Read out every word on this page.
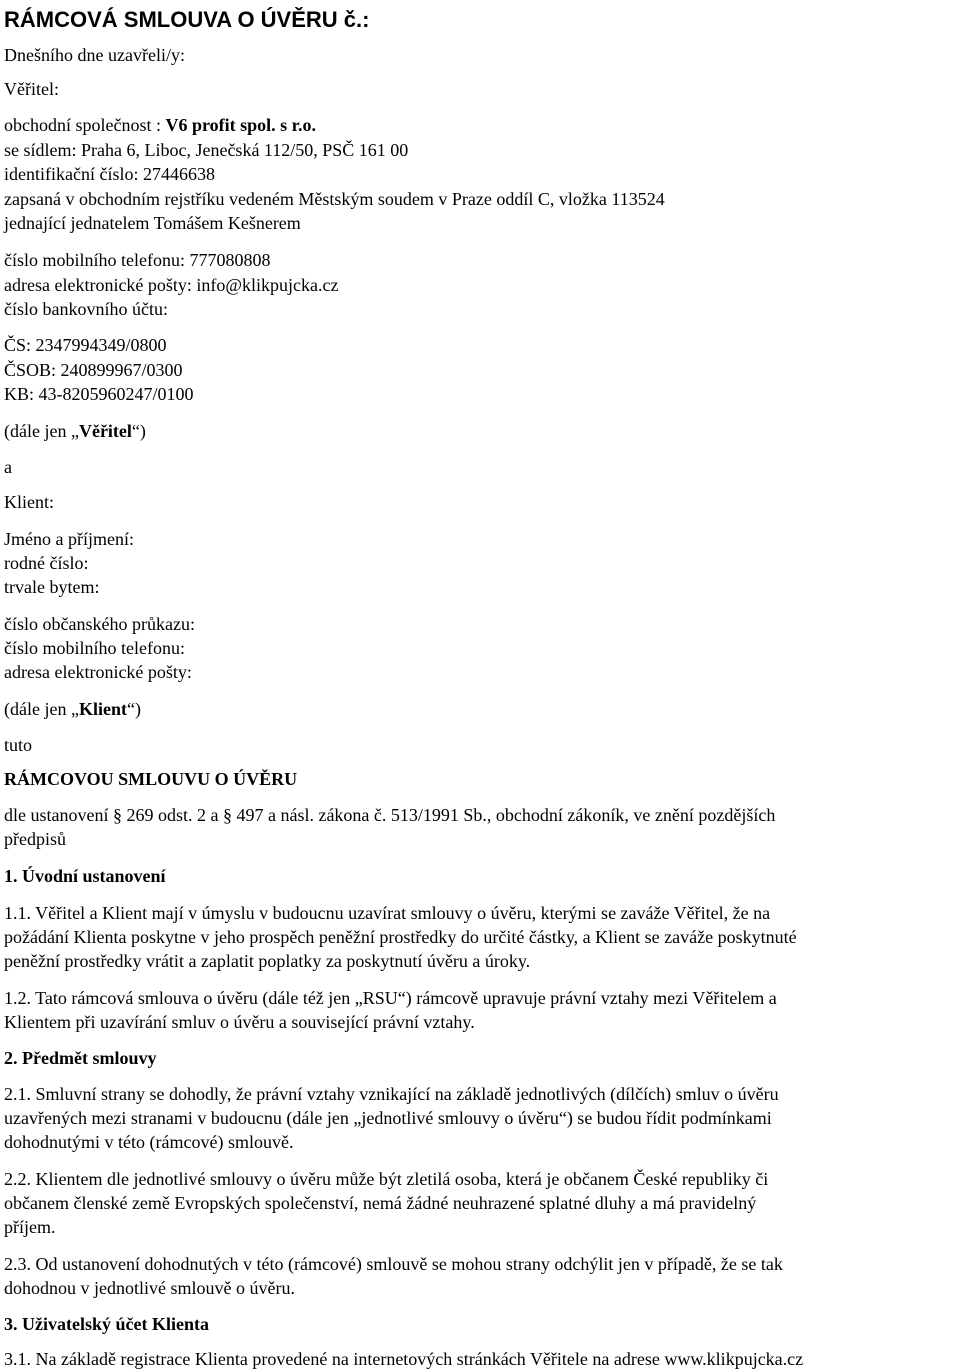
RÁMCOVÁ SMLOUVA O ÚVĚRU č.:
Dnešního dne uzavřeli/y:
Věřitel:
obchodní společnost : V6 profit spol. s r.o.
se sídlem: Praha 6, Liboc, Jenečská 112/50, PSČ 161 00
identifikační číslo: 27446638
zapsaná v obchodním rejstříku vedeném Městským soudem v Praze oddíl C, vložka 113524
jednající jednatelem Tomášem Kešnerem
číslo mobilního telefonu: 777080808
adresa elektronické pošty: info@klikpujcka.cz
číslo bankovního účtu:
ČS: 2347994349/0800
ČSOB: 240899967/0300
KB: 43-8205960247/0100
(dále jen „Věřitel“)
a
Klient:
Jméno a příjmení:
rodné číslo:
trvale bytem:
číslo občanského průkazu:
číslo mobilního telefonu:
adresa elektronické pošty:
(dále jen „Klient“)
tuto
RÁMCOVOU SMLOUVU O ÚVĚRU
dle ustanovení § 269 odst. 2 a § 497 a násl. zákona č. 513/1991 Sb., obchodní zákoník, ve znění pozdějších
předpisů
1. Úvodní ustanovení
1.1. Věřitel a Klient mají v úmyslu v budoucnu uzavírat smlouvy o úvěru, kterými se zaváže Věřitel, že na
požádání Klienta poskytne v jeho prospěch peněžní prostředky do určité částky, a Klient se zaváže poskytnuté
peněžní prostředky vrátit a zaplatit poplatky za poskytnutí úvěru a úroky.
1.2. Tato rámcová smlouva o úvěru (dále též jen „RSU“) rámcově upravuje právní vztahy mezi Věřitelem a
Klientem při uzavírání smluv o úvěru a související právní vztahy.
2. Předmět smlouvy
2.1. Smluvní strany se dohodly, že právní vztahy vznikající na základě jednotlivých (dílčích) smluv o úvěru
uzavřených mezi stranami v budoucnu (dále jen „jednotlivé smlouvy o úvěru“) se budou řídit podmínkami
dohodnutými v této (rámcové) smlouvě.
2.2. Klientem dle jednotlivé smlouvy o úvěru může být zletilá osoba, která je občanem České republiky či
občanem členské země Evropských společenství, nemá žádné neuhrazené splatné dluhy a má pravidelný
příjem.
2.3. Od ustanovení dohodnutých v této (rámcové) smlouvě se mohou strany odchýlit jen v případě, že se tak
dohodnou v jednotlivé smlouvě o úvěru.
3. Uživatelský účet Klienta
3.1. Na základě registrace Klienta provedené na internetových stránkách Věřitele na adrese www.klikpujcka.cz
